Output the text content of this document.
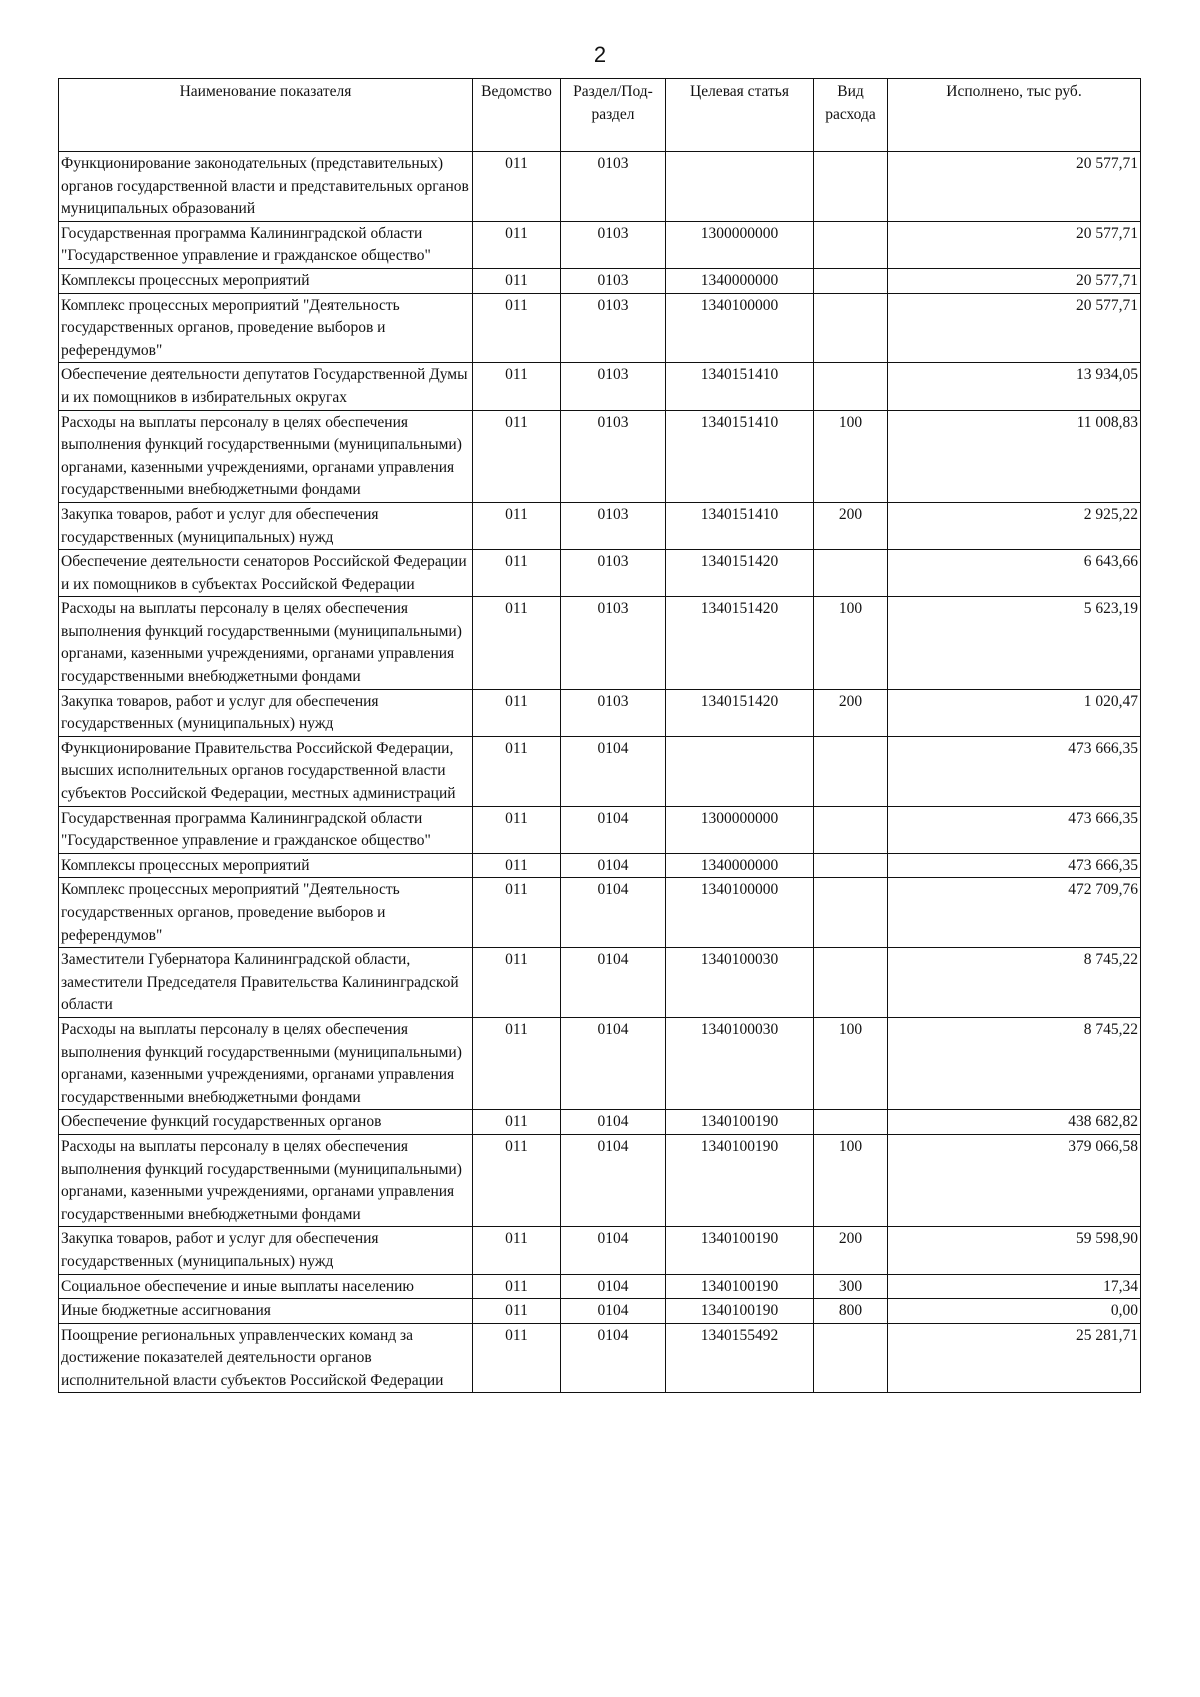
2
Наименование показателя	Ведомство	Раздел/Под-раздел	Целевая статья	Вид расхода	Исполнено, тыс руб.
Функционирование законодательных (представительных) органов государственной власти и представительных органов муниципальных образований	011	0103			20 577,71
Государственная программа Калининградской области "Государственное управление и гражданское общество"	011	0103	1300000000		20 577,71
Комплексы процессных мероприятий	011	0103	1340000000		20 577,71
Комплекс процессных мероприятий "Деятельность государственных органов, проведение выборов и референдумов"	011	0103	1340100000		20 577,71
Обеспечение деятельности депутатов Государственной Думы и их помощников в избирательных округах	011	0103	1340151410		13 934,05
Расходы на выплаты персоналу в целях обеспечения выполнения функций государственными (муниципальными) органами, казенными учреждениями, органами управления государственными внебюджетными фондами	011	0103	1340151410	100	11 008,83
Закупка товаров, работ и услуг для обеспечения государственных (муниципальных) нужд	011	0103	1340151410	200	2 925,22
Обеспечение деятельности сенаторов Российской Федерации и их помощников в субъектах Российской Федерации	011	0103	1340151420		6 643,66
Расходы на выплаты персоналу в целях обеспечения выполнения функций государственными (муниципальными) органами, казенными учреждениями, органами управления государственными внебюджетными фондами	011	0103	1340151420	100	5 623,19
Закупка товаров, работ и услуг для обеспечения государственных (муниципальных) нужд	011	0103	1340151420	200	1 020,47
Функционирование Правительства Российской Федерации, высших исполнительных органов государственной власти субъектов Российской Федерации, местных администраций	011	0104			473 666,35
Государственная программа Калининградской области "Государственное управление и гражданское общество"	011	0104	1300000000		473 666,35
Комплексы процессных мероприятий	011	0104	1340000000		473 666,35
Комплекс процессных мероприятий "Деятельность государственных органов, проведение выборов и референдумов"	011	0104	1340100000		472 709,76
Заместители Губернатора Калининградской области, заместители Председателя Правительства Калининградской области	011	0104	1340100030		8 745,22
Расходы на выплаты персоналу в целях обеспечения выполнения функций государственными (муниципальными) органами, казенными учреждениями, органами управления государственными внебюджетными фондами	011	0104	1340100030	100	8 745,22
Обеспечение функций государственных органов	011	0104	1340100190		438 682,82
Расходы на выплаты персоналу в целях обеспечения выполнения функций государственными (муниципальными) органами, казенными учреждениями, органами управления государственными внебюджетными фондами	011	0104	1340100190	100	379 066,58
Закупка товаров, работ и услуг для обеспечения государственных (муниципальных) нужд	011	0104	1340100190	200	59 598,90
Социальное обеспечение и иные выплаты населению	011	0104	1340100190	300	17,34
Иные бюджетные ассигнования	011	0104	1340100190	800	0,00
Поощрение региональных управленческих команд за достижение показателей деятельности органов исполнительной власти субъектов Российской Федерации	011	0104	1340155492		25 281,71
